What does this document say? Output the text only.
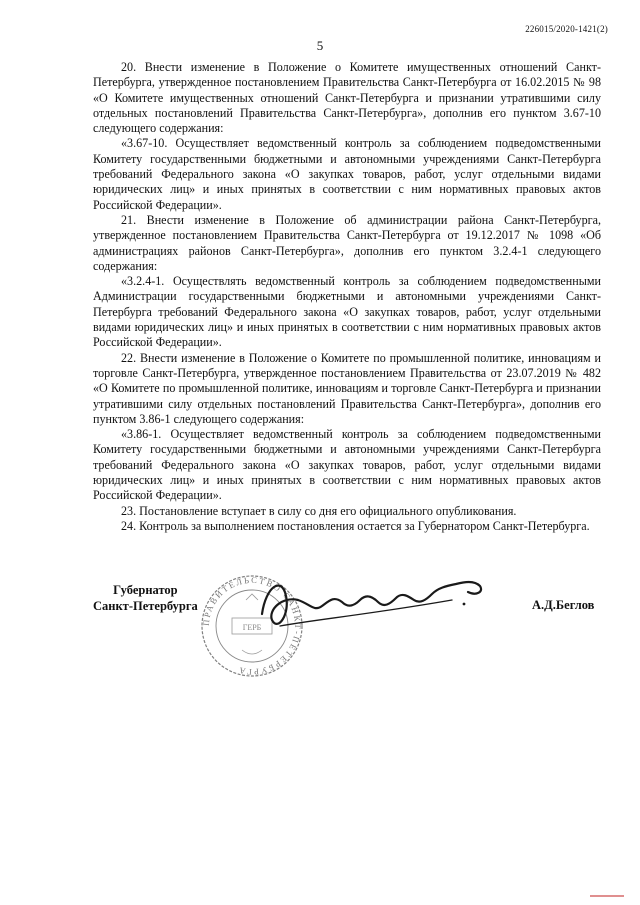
226015/2020-1421(2)
5

20. Внести изменение в Положение о Комитете имущественных отношений Санкт-Петербурга, утвержденное постановлением Правительства Санкт-Петербурга от 16.02.2015 № 98 «О Комитете имущественных отношений Санкт-Петербурга и признании утратившими силу отдельных постановлений Правительства Санкт-Петербурга», дополнив его пунктом 3.67-10 следующего содержания:

«3.67-10. Осуществляет ведомственный контроль за соблюдением подведомственными Комитету государственными бюджетными и автономными учреждениями Санкт-Петербурга требований Федерального закона «О закупках товаров, работ, услуг отдельными видами юридических лиц» и иных принятых в соответствии с ним нормативных правовых актов Российской Федерации».

21. Внести изменение в Положение об администрации района Санкт-Петербурга, утвержденное постановлением Правительства Санкт-Петербурга от 19.12.2017 № 1098 «Об администрациях районов Санкт-Петербурга», дополнив его пунктом 3.2.4-1 следующего содержания:

«3.2.4-1. Осуществлять ведомственный контроль за соблюдением подведомственными Администрации государственными бюджетными и автономными учреждениями Санкт-Петербурга требований Федерального закона «О закупках товаров, работ, услуг отдельными видами юридических лиц» и иных принятых в соответствии с ним нормативных правовых актов Российской Федерации».

22. Внести изменение в Положение о Комитете по промышленной политике, инновациям и торговле Санкт-Петербурга, утвержденное постановлением Правительства от 23.07.2019 № 482 «О Комитете по промышленной политике, инновациям и торговле Санкт-Петербурга и признании утратившими силу отдельных постановлений Правительства Санкт-Петербурга», дополнив его пунктом 3.86-1 следующего содержания:

«3.86-1. Осуществляет ведомственный контроль за соблюдением подведомственными Комитету государственными бюджетными и автономными учреждениями Санкт-Петербурга требований Федерального закона «О закупках товаров, работ, услуг отдельными видами юридических лиц» и иных принятых в соответствии с ним нормативных правовых актов Российской Федерации».

23. Постановление вступает в силу со дня его официального опубликования.

24. Контроль за выполнением постановления остается за Губернатором Санкт-Петербурга.

Губернатор
Санкт-Петербурга
ПРАВИТЕЛЬСТВО САНКТ-ПЕТЕРБУРГА
ГЕРБ
А.Д.Беглов
